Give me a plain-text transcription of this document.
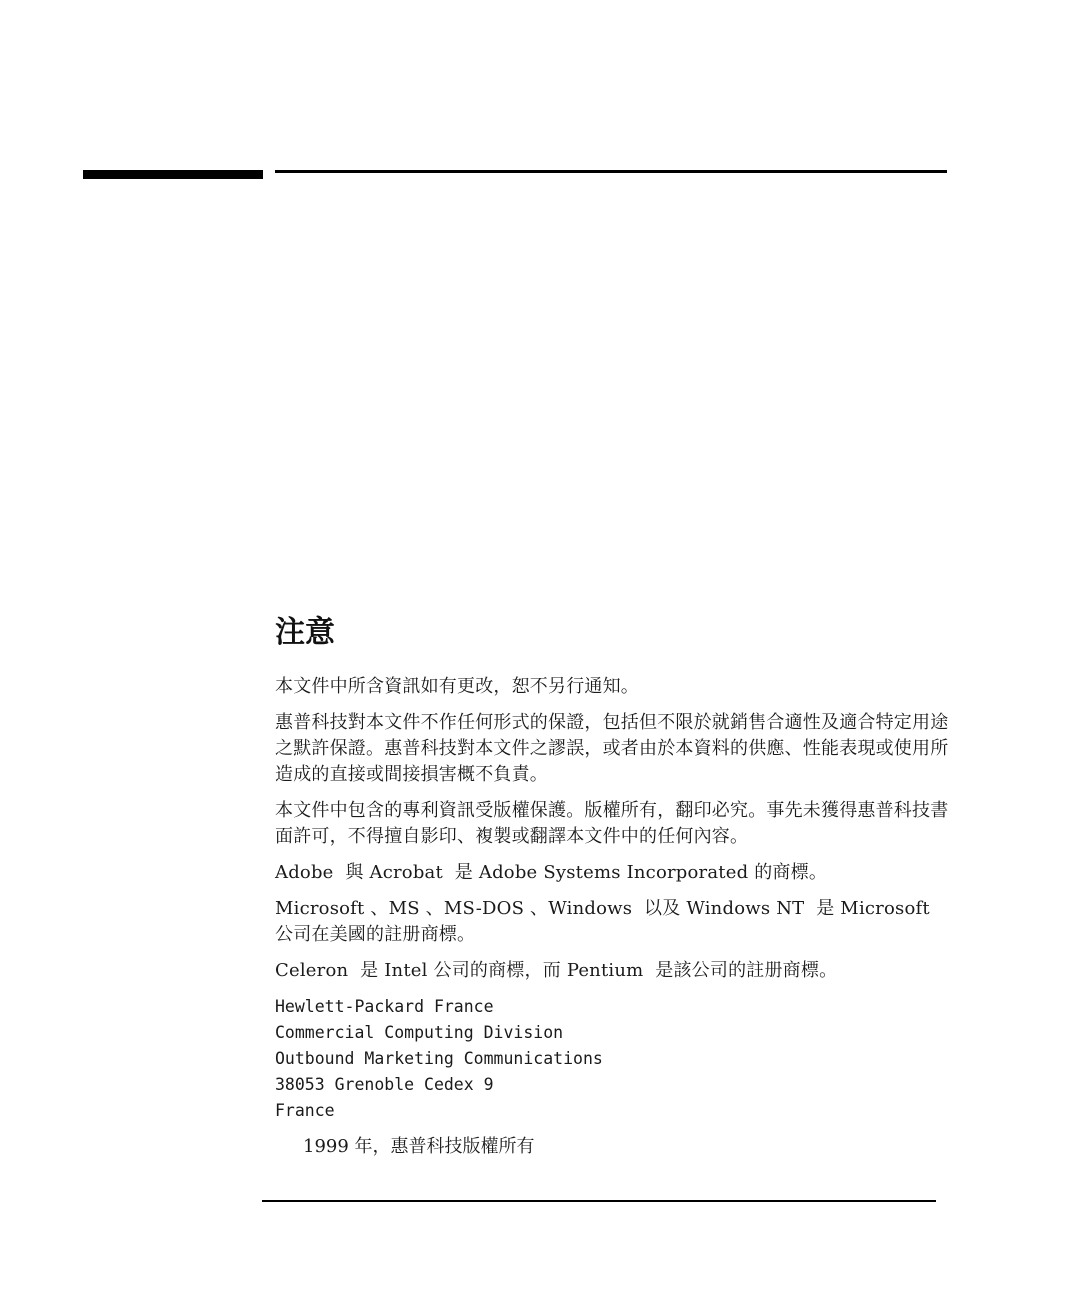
注意

本文件中所含資訊如有更改，恕不另行通知。

惠普科技對本文件不作任何形式的保證，包括但不限於就銷售合適性及適合特定用途之默許保證。惠普科技對本文件之謬誤，或者由於本資料的供應、性能表現或使用所造成的直接或間接損害概不負責。

本文件中包含的專利資訊受版權保護。版權所有，翻印必究。事先未獲得惠普科技書面許可，不得擅自影印、複製或翻譯本文件中的任何內容。

Adobe  與 Acrobat  是 Adobe Systems Incorporated 的商標。

Microsoft 、MS 、MS-DOS 、Windows  以及 Windows NT  是 Microsoft 公司在美國的註册商標。

Celeron  是 Intel 公司的商標，而 Pentium  是該公司的註册商標。

Hewlett-Packard France
Commercial Computing Division
Outbound Marketing Communications
38053 Grenoble Cedex 9
France

1999 年，惠普科技版權所有
